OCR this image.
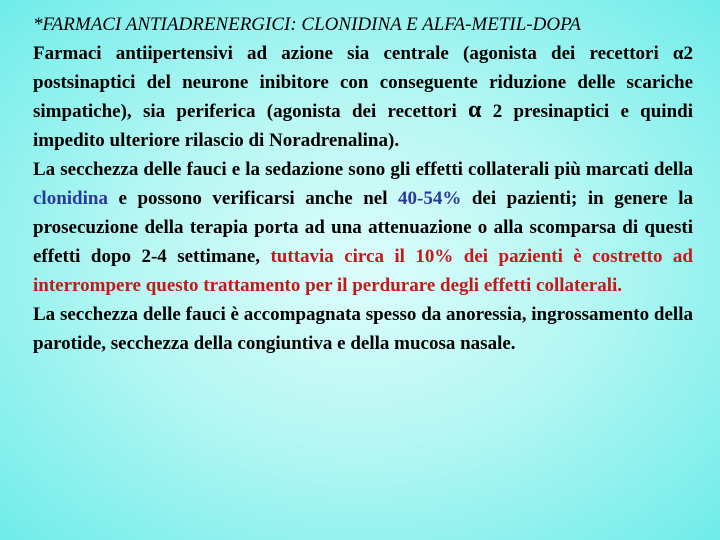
*FARMACI ANTIADRENERGICI: CLONIDINA E ALFA-METIL-DOPA

Farmaci antiipertensivi ad azione sia centrale (agonista dei recettori α2 postsinaptici del neurone inibitore con conseguente riduzione delle scariche simpatiche), sia periferica (agonista dei recettori α 2 presinaptici e quindi impedito ulteriore rilascio di Noradrenalina).

La secchezza delle fauci e la sedazione sono gli effetti collaterali più marcati della clonidina e possono verificarsi anche nel 40-54% dei pazienti; in genere la prosecuzione della terapia porta ad una attenuazione o alla scomparsa di questi effetti dopo 2-4 settimane, tuttavia circa il 10% dei pazienti è costretto ad interrompere questo trattamento per il perdurare degli effetti collaterali.

La secchezza delle fauci è accompagnata spesso da anoressia, ingrossamento della parotide, secchezza della congiuntiva e della mucosa nasale.
